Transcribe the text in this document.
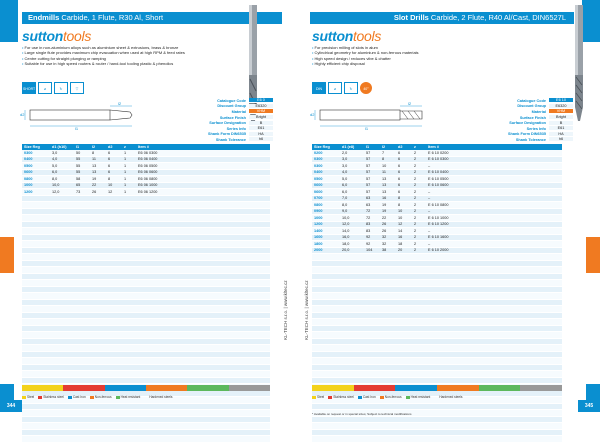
Endmills Carbide, 1 Flute, R30 Al, Short
suttontools
• For use in non-aluminium alloys such as aluminium sheet & extrusions, brass & bronze
• Large single flute provides maximum chip evacuation when used at high RPM & feed rates
• Centre cutting for straight plunging or ramping
• Suitable for use in high speed routers & router / hand-tool tooling plastic & phenolics
SHORT	⌀	↻	▽
l1
l2
d2
Catalogue Code	E6 0
Discount Group	E6320
Material	VHM
Surface Finish	Bright
Surface Designation	B
Series Info	E61
Shank Form DIN6535	HA
Shank Tolerance	h6
Size Reg	d1 (h10)	l1	l2	d2	z	Item #
0300	3,0	50	8	6	1	E6 06 0300
0400	4,0	55	11	6	1	E6 06 0400
0500	5,0	55	13	6	1	E6 06 0500
0600	6,0	55	13	6	1	E6 06 0600
0800	8,0	58	19	8	1	E6 06 0800
1000	10,0	65	22	10	1	E6 06 1000
1200	12,0	73	26	12	1	E6 06 1200

Steel	Stainless steel	Cast Iron	Non-ferrous	Heat resistant	Hardened steels
344
KL-TECH s.r.o. | www.kltec.cz
Slot Drills Carbide, 2 Flute, R40 Al/Cast, DIN6527L
suttontools
• For precision milling of slots in alum
• Cylindrical geometry for aluminium & non-ferrous materials
• High speed design / reduces vibe & chatter
• Highly efficient chip disposal
DIN 6527L
⌀	↻	40°
l1
l2
d2
Catalogue Code	E6 10
Discount Group	E6320
Material	VHM
Surface Finish	Bright
Surface Designation	B
Series Info	E61
Shank Form DIN6535	HA
Shank Tolerance	h6
Size Reg	d1 (e8)	l1	l2	d2	z	Item #
0200	2,0	57	7	6	2	E 6 10 0200
0300	3,0	57	8	6	2	E 6 10 0300
0300	3,0	57	10	6	2	–
0400	4,0	57	11	6	2	E 6 10 0400
0500	5,0	57	13	6	2	E 6 10 0500
0600	6,0	57	13	6	2	E 6 10 0600
0600	6,0	57	13	6	2	–
0700	7,0	63	16	8	2	–
0800	8,0	63	19	8	2	E 6 10 0800
0900	9,0	72	19	10	2	–
1000	10,0	72	22	10	2	E 6 10 1000
1200	12,0	83	26	12	2	E 6 10 1200
1400	14,0	83	26	14	2	–
1600	16,0	92	32	16	2	E 6 10 1600
1800	18,0	92	32	18	2	–
2000	20,0	104	38	20	2	E 6 10 2000

Steel	Stainless steel	Cast Iron	Non-ferrous	Heat resistant	Hardened steels
* Available on request or in special sizes; Subject to technical modifications
345
KL-TECH s.r.o. | www.kltec.cz
